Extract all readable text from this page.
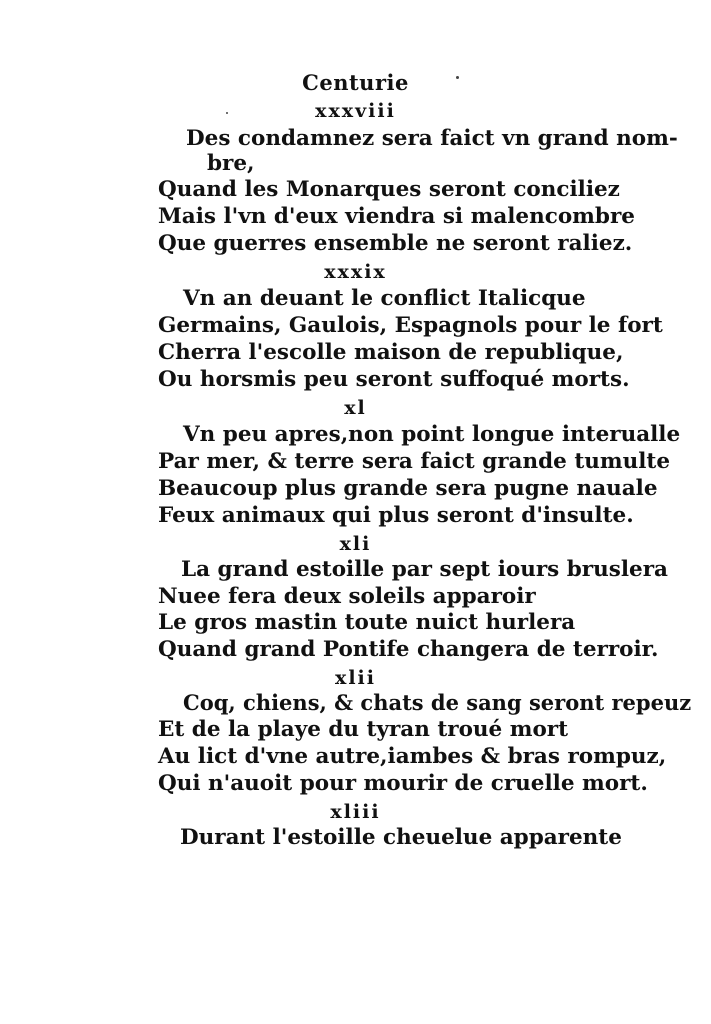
Centurie
xxxviii
Des condamnez sera faict vn grand nom-
bre,
Quand les Monarques seront conciliez
Mais l'vn d'eux viendra si malencombre
Que guerres ensemble ne seront raliez.
xxxix
Vn an deuant le conflict Italicque
Germains, Gaulois, Espagnols pour le fort
Cherra l'escolle maison de republique,
Ou horsmis peu seront suffoqué morts.
xl
Vn peu apres,non point longue interualle
Par mer, & terre sera faict grande tumulte
Beaucoup plus grande sera pugne nauale
Feux animaux qui plus seront d'insulte.
xli
La grand estoille par sept iours bruslera
Nuee fera deux soleils apparoir
Le gros mastin toute nuict hurlera
Quand grand Pontife changera de terroir.
xlii
Coq, chiens, & chats de sang seront repeuz
Et de la playe du tyran troué mort
Au lict d'vne autre,iambes & bras rompuz,
Qui n'auoit pour mourir de cruelle mort.
xliii
Durant l'estoille cheuelue apparente
